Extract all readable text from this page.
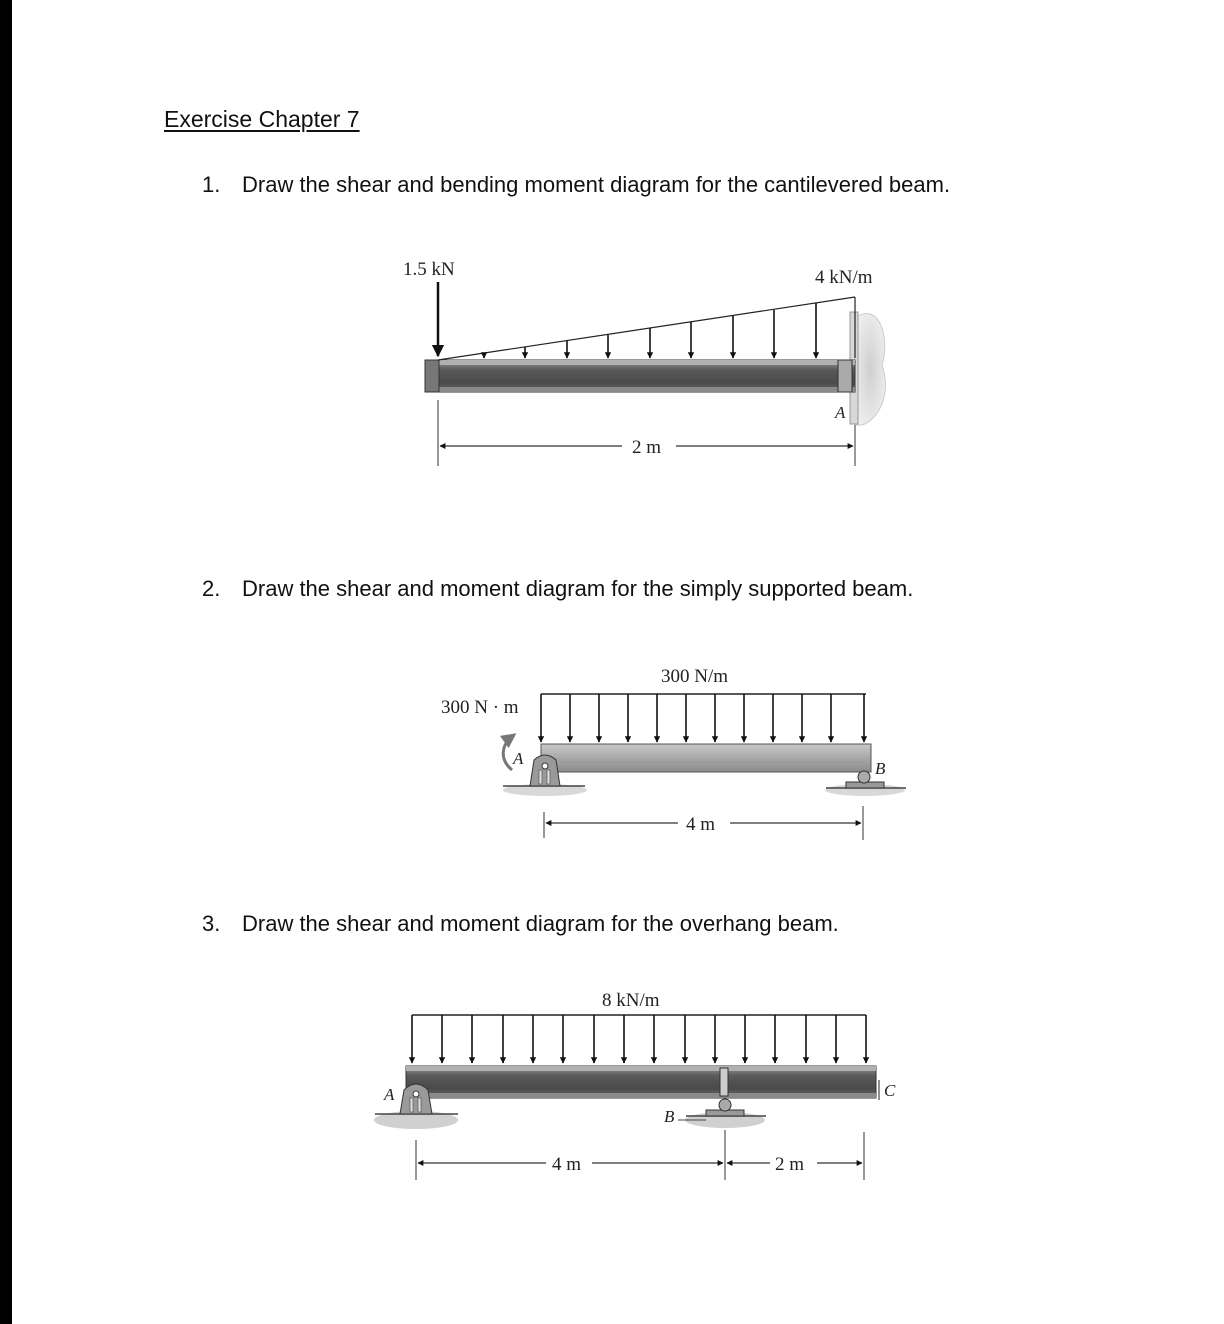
Exercise Chapter 7
1. Draw the shear and bending moment diagram for the cantilevered beam.
2. Draw the shear and moment diagram for the simply supported beam.
3. Draw the shear and moment diagram for the overhang beam.
1.5 kN	4 kN/m
A
2 m
300 N · m
300 N/m
A
B
4 m
8 kN/m
A
B
C
4 m	2 m
